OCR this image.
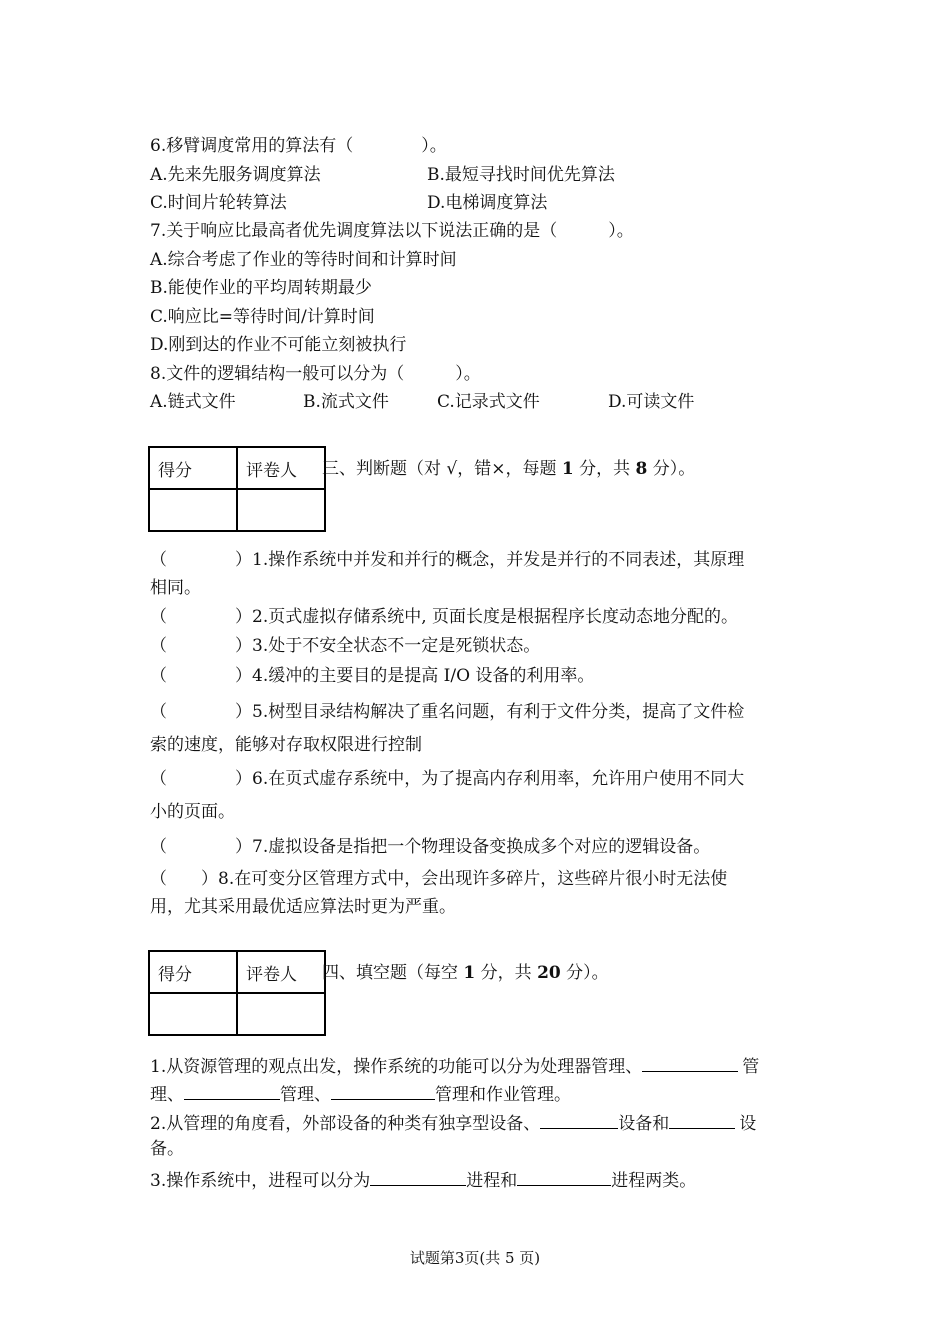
6.移臂调度常用的算法有（　　　　）。
A.先来先服务调度算法	B.最短寻找时间优先算法
C.时间片轮转算法	D.电梯调度算法
7.关于响应比最高者优先调度算法以下说法正确的是（　　　）。
A.综合考虑了作业的等待时间和计算时间
B.能使作业的平均周转期最少
C.响应比=等待时间/计算时间
D.刚到达的作业不可能立刻被执行
8.文件的逻辑结构一般可以分为（　　　）。
A.链式文件	B.流式文件	C.记录式文件	D.可读文件
得分	评卷人
	三、判断题（对 √，错×，每题 1 分，共 8 分）。
（　　　　）1.操作系统中并发和并行的概念，并发是并行的不同表述，其原理
相同。
（　　　　）2.页式虚拟存储系统中, 页面长度是根据程序长度动态地分配的。
（　　　　）3.处于不安全状态不一定是死锁状态。
（　　　　）4.缓冲的主要目的是提高 I/O 设备的利用率。
（　　　　）5.树型目录结构解决了重名问题，有利于文件分类，提高了文件检
索的速度，能够对存取权限进行控制
（　　　　）6.在页式虚存系统中，为了提高内存利用率，允许用户使用不同大
小的页面。
（　　　　）7.虚拟设备是指把一个物理设备变换成多个对应的逻辑设备。
（　　）8.在可变分区管理方式中，会出现许多碎片，这些碎片很小时无法使
用，尤其采用最优适应算法时更为严重。
得分	评卷人
	四、填空题（每空 1 分，共 20 分）。
1.从资源管理的观点出发，操作系统的功能可以分为处理器管理、	管
理、	管理、	管理和作业管理。
2.从管理的角度看，外部设备的种类有独享型设备、	设备和	设
备。
3.操作系统中，进程可以分为	进程和	进程两类。
试题第3页(共 5 页)
